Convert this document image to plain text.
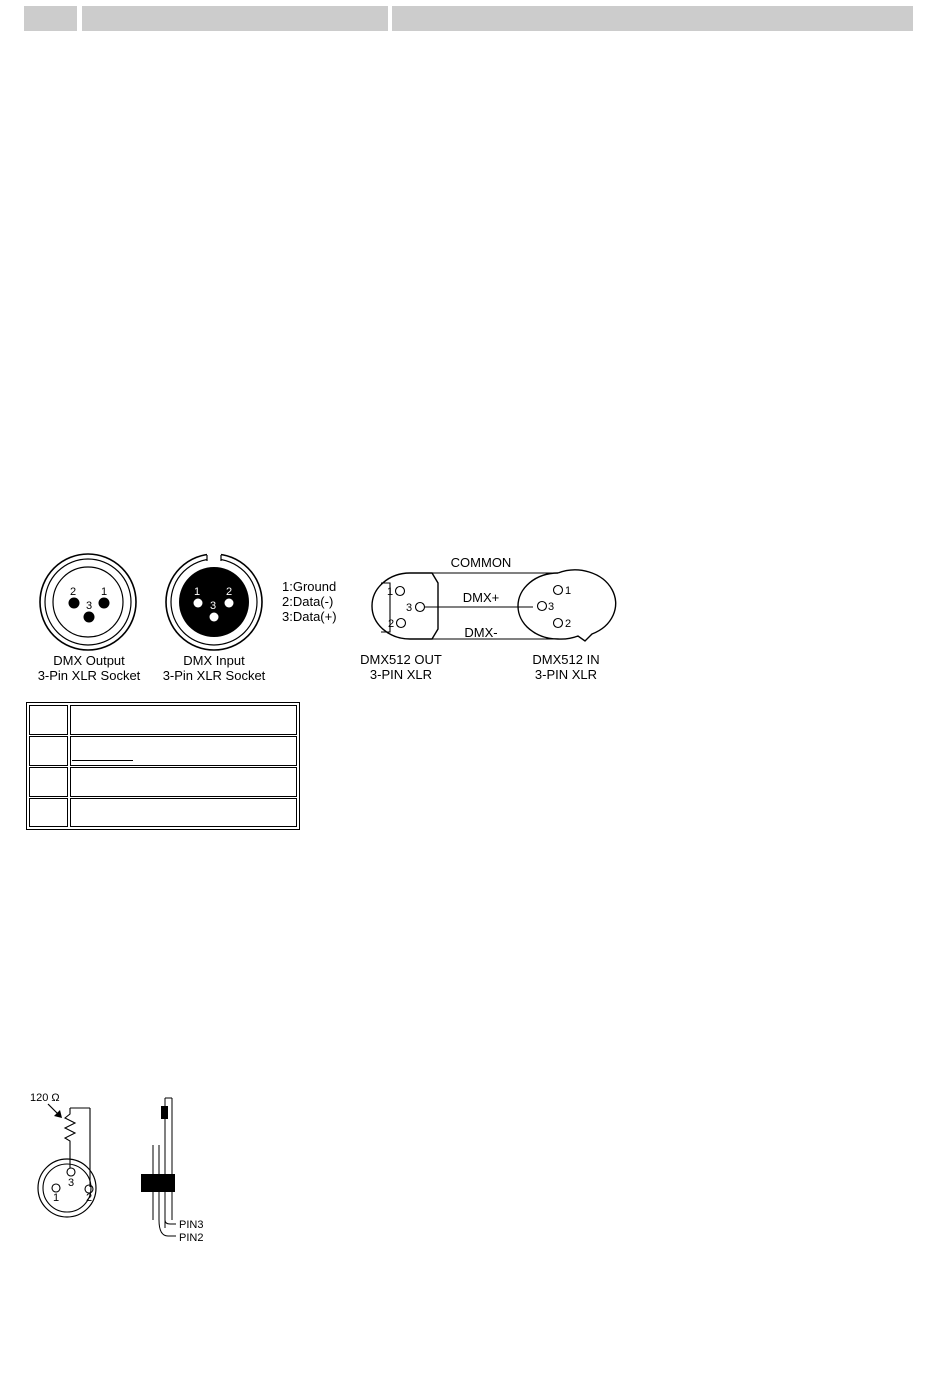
1
2
3
DMX Output
3-Pin XLR Socket
1 2
3
DMX Input
3-Pin XLR Socket
1:Ground
2:Data(-)
3:Data(+)
1
3
2
COMMON
DMX+
DMX-
1
3
2
DMX512 OUT
3-PIN XLR
DMX512 IN
3-PIN XLR
120 Ω
3
1 2
PIN3
PIN2
